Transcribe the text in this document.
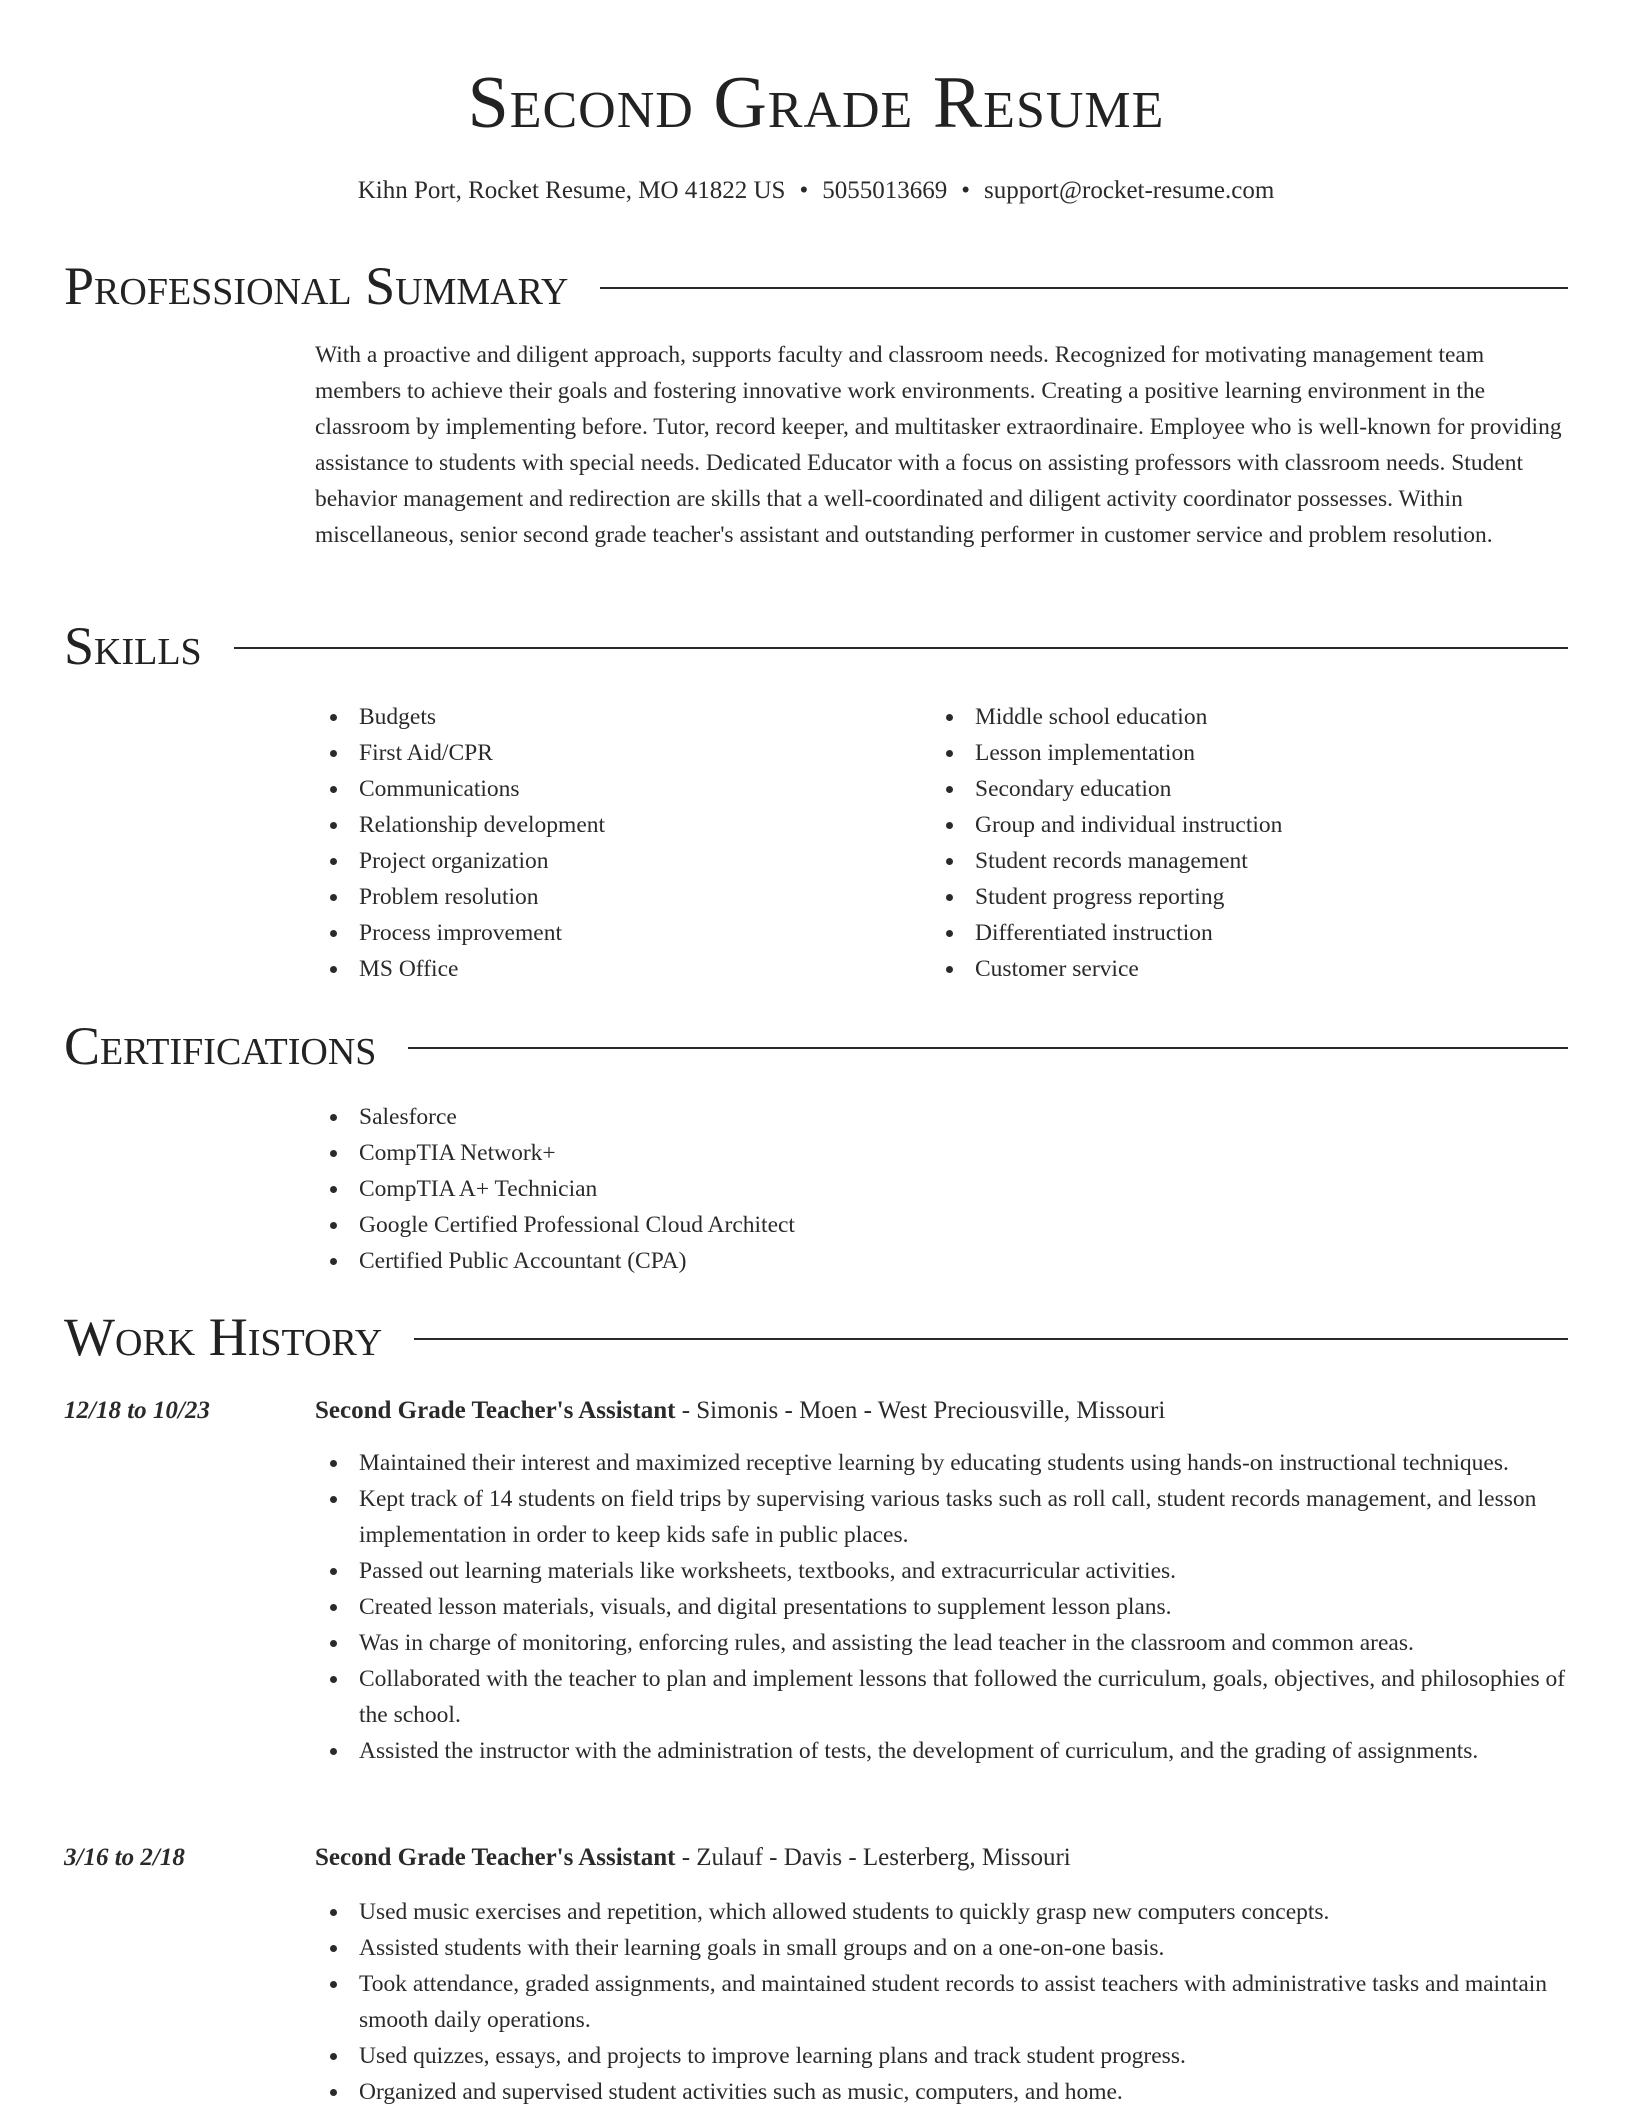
Second Grade Resume
Kihn Port, Rocket Resume, MO 41822 US • 5055013669 • support@rocket-resume.com
Professional Summary

With a proactive and diligent approach, supports faculty and classroom needs. Recognized for motivating management team members to achieve their goals and fostering innovative work environments. Creating a positive learning environment in the classroom by implementing before. Tutor, record keeper, and multitasker extraordinaire. Employee who is well-known for providing assistance to students with special needs. Dedicated Educator with a focus on assisting professors with classroom needs. Student behavior management and redirection are skills that a well-coordinated and diligent activity coordinator possesses. Within miscellaneous, senior second grade teacher's assistant and outstanding performer in customer service and problem resolution.

Skills
Budgets
First Aid/CPR
Communications
Relationship development
Project organization
Problem resolution
Process improvement
MS Office
Middle school education
Lesson implementation
Secondary education
Group and individual instruction
Student records management
Student progress reporting
Differentiated instruction
Customer service
Certifications
Salesforce
CompTIA Network+
CompTIA A+ Technician
Google Certified Professional Cloud Architect
Certified Public Accountant (CPA)
Work History
12/18 to 10/23	Second Grade Teacher's Assistant - Simonis - Moen - West Preciousville, Missouri
Maintained their interest and maximized receptive learning by educating students using hands-on instructional techniques.
Kept track of 14 students on field trips by supervising various tasks such as roll call, student records management, and lesson implementation in order to keep kids safe in public places.
Passed out learning materials like worksheets, textbooks, and extracurricular activities.
Created lesson materials, visuals, and digital presentations to supplement lesson plans.
Was in charge of monitoring, enforcing rules, and assisting the lead teacher in the classroom and common areas.
Collaborated with the teacher to plan and implement lessons that followed the curriculum, goals, objectives, and philosophies of the school.
Assisted the instructor with the administration of tests, the development of curriculum, and the grading of assignments.
3/16 to 2/18	Second Grade Teacher's Assistant - Zulauf - Davis - Lesterberg, Missouri
Used music exercises and repetition, which allowed students to quickly grasp new computers concepts.
Assisted students with their learning goals in small groups and on a one-on-one basis.
Took attendance, graded assignments, and maintained student records to assist teachers with administrative tasks and maintain smooth daily operations.
Used quizzes, essays, and projects to improve learning plans and track student progress.
Organized and supervised student activities such as music, computers, and home.
